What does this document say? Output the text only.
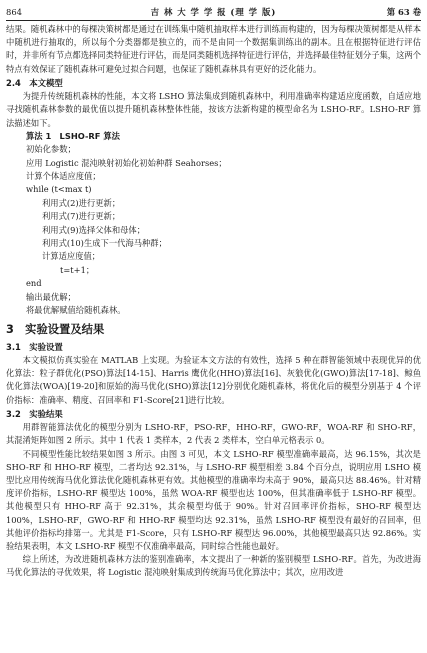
864	吉 林 大 学 学 报 (理 学 版)	第 63 卷

结果。随机森林中的每棵决策树都是通过在训练集中随机抽取样本进行训练而构建的，因为每棵决策树都是从样本中随机进行抽取的，所以每个分类器都是独立的，而不是由同一个数据集训练出的副本。且在根据特征进行评估时，并非所有节点都选择同类特征进行评估，而是同类随机选择特征进行评估，并选择最佳特征划分子集，这两个特点有效保证了随机森林可避免过拟合问题，也保证了随机森林具有更好的泛化能力。

2.4　本文模型

为提升传统随机森林的性能，本文将 LSHO 算法集成到随机森林中，利用准确率构建适应度函数，自适应地寻找随机森林参数的最优值以提升随机森林整体性能，按该方法新构建的模型命名为 LSHO-RF。LSHO-RF 算法描述如下。

算法 1　LSHO-RF 算法
初始化参数；
应用 Logistic 混沌映射初始化初始种群 Seahorses；
计算个体适应度值；
while (t<max t)
利用式(2)进行更新；
利用式(7)进行更新；
利用式(9)选择父体和母体；
利用式(10)生成下一代海马种群；
计算适应度值；
t=t+1；
end
输出最优解；
将最优解赋值给随机森林。
3　实验设置及结果
3.1　实验设置

本文模拟仿真实验在 MATLAB 上实现。为验证本文方法的有效性，选择 5 种在群智能领域中表现优异的优化算法：粒子群优化(PSO)算法[14-15]、Harris 鹰优化(HHO)算法[16]、灰狼优化(GWO)算法[17-18]、鲸鱼优化算法(WOA)[19-20]和原始的海马优化(SHO)算法[12]分别优化随机森林，将优化后的模型分别基于 4 个评价指标：准确率、精度、召回率和 F1-Score[21]进行比较。

3.2　实验结果

用群智能算法优化的模型分别为 LSHO-RF，PSO-RF，HHO-RF，GWO-RF，WOA-RF 和 SHO-RF，其混淆矩阵如图 2 所示。其中 1 代表 1 类样本，2 代表 2 类样本，空白单元格表示 0。

不同模型性能比较结果如图 3 所示。由图 3 可见，本文 LSHO-RF 模型准确率最高，达 96.15%，其次是 SHO-RF 和 HHO-RF 模型，二者均达 92.31%，与 LSHO-RF 模型相差 3.84 个百分点，说明应用 LSHO 模型比应用传统海马优化算法优化随机森林更有效。其他模型的准确率均未高于 90%，最高只达 88.46%。针对精度评价指标，LSHO-RF 模型达 100%，虽然 WOA-RF 模型也达 100%，但其准确率低于 LSHO-RF 模型。其他模型只有 HHO-RF 高于 92.31%，其余模型均低于 90%。针对召回率评价指标，SHO-RF 模型达 100%，LSHO-RF，GWO-RF 和 HHO-RF 模型均达 92.31%，虽然 LSHO-RF 模型没有最好的召回率，但其他评价指标均排第一。尤其是 F1-Score，只有 LSHO-RF 模型达 96.00%，其他模型最高只达 92.86%。实验结果表明，本文 LSHO-RF 模型不仅准确率最高，同时综合性能也最好。

综上所述，为改进随机森林方法的鉴别准确率，本文提出了一种新的鉴别模型 LSHO-RF。首先，为改进海马优化算法的寻优效果，将 Logistic 混沌映射集成到传统海马优化算法中；其次，应用改进
